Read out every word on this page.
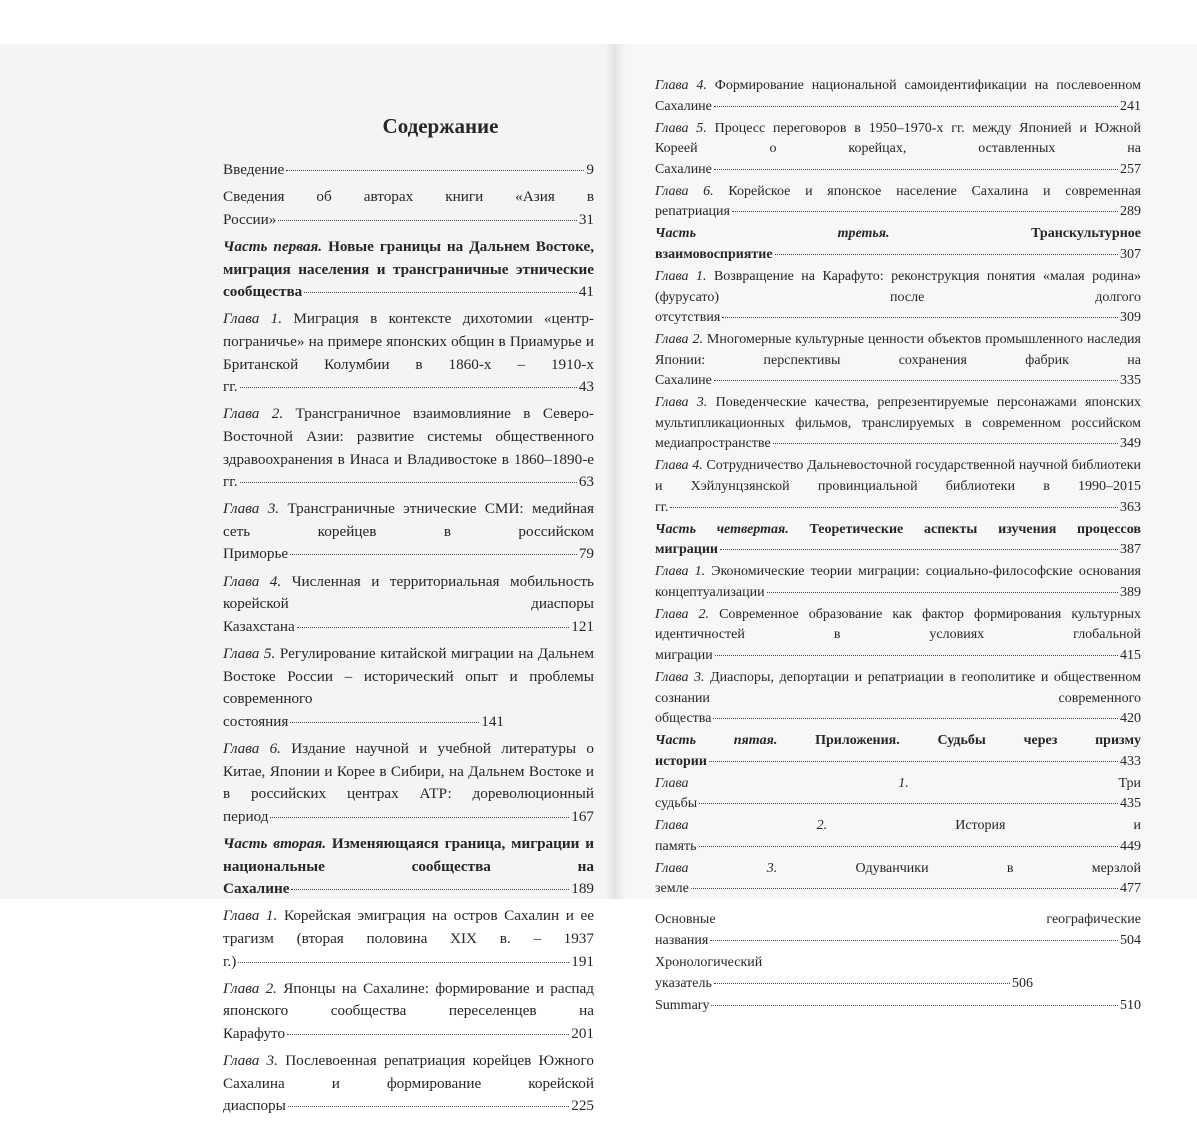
Содержание
Введение	9
Сведения об авторах книги «Азия в
России»	31
Часть первая. Новые границы на Дальнем Востоке, миграция населения и трансграничные этнические
сообщества	41
Глава 1. Миграция в контексте дихотомии «центр-пограничье» на примере японских общин в Приамурье и Британской Колумбии в 1860-х – 1910-х
гг.	43
Глава 2. Трансграничное взаимовлияние в Северо-Восточной Азии: развитие системы общественного здравоохранения в Инаса и Владивостоке в 1860–1890-е
гг.	63
Глава 3. Трансграничные этнические СМИ: медийная сеть корейцев в российском
Приморье	79
Глава 4. Численная и территориальная мобильность корейской диаспоры
Казахстана	121
Глава 5. Регулирование китайской миграции на Дальнем Востоке России – исторический опыт и проблемы современного
состояния	141
Глава 6. Издание научной и учебной литературы о Китае, Японии и Корее в Сибири, на Дальнем Востоке и в российских центрах АТР: дореволюционный
период	167
Часть вторая. Изменяющаяся граница, миграции и национальные сообщества на
Сахалине	189
Глава 1. Корейская эмиграция на остров Сахалин и ее трагизм (вторая половина XIX в. – 1937
г.)	191
Глава 2. Японцы на Сахалине: формирование и распад японского сообщества переселенцев на
Карафуто	201
Глава 3. Послевоенная репатриация корейцев Южного Сахалина и формирование корейской
диаспоры	225
Глава 4. Формирование национальной самоидентификации на послевоенном
Сахалине	241
Глава 5. Процесс переговоров в 1950–1970-х гг. между Японией и Южной Кореей о корейцах, оставленных на
Сахалине	257
Глава 6. Корейское и японское население Сахалина и современная
репатриация	289
Часть третья. Транскультурное
взаимовосприятие	307
Глава 1. Возвращение на Карафуто: реконструкция понятия «малая родина» (фурусато) после долгого
отсутствия	309
Глава 2. Многомерные культурные ценности объектов промышленного наследия Японии: перспективы сохранения фабрик на
Сахалине	335
Глава 3. Поведенческие качества, репрезентируемые персонажами японских мультипликационных фильмов, транслируемых в современном российском
медиапространстве	349
Глава 4. Сотрудничество Дальневосточной государственной научной библиотеки и Хэйлунцзянской провинциальной библиотеки в 1990–2015
гг.	363
Часть четвертая. Теоретические аспекты изучения процессов
миграции	387
Глава 1. Экономические теории миграции: социально-философские основания
концептуализации	389
Глава 2. Современное образование как фактор формирования культурных идентичностей в условиях глобальной
миграции	415
Глава 3. Диаспоры, депортации и репатриации в геополитике и общественном сознании современного
общества	420
Часть пятая. Приложения. Судьбы через призму
истории	433
Глава 1. Три
судьбы	435
Глава 2. История и
память	449
Глава 3. Одуванчики в мерзлой
земле	477
Основные географические
названия	504
Хронологический
указатель	506
Summary	510
